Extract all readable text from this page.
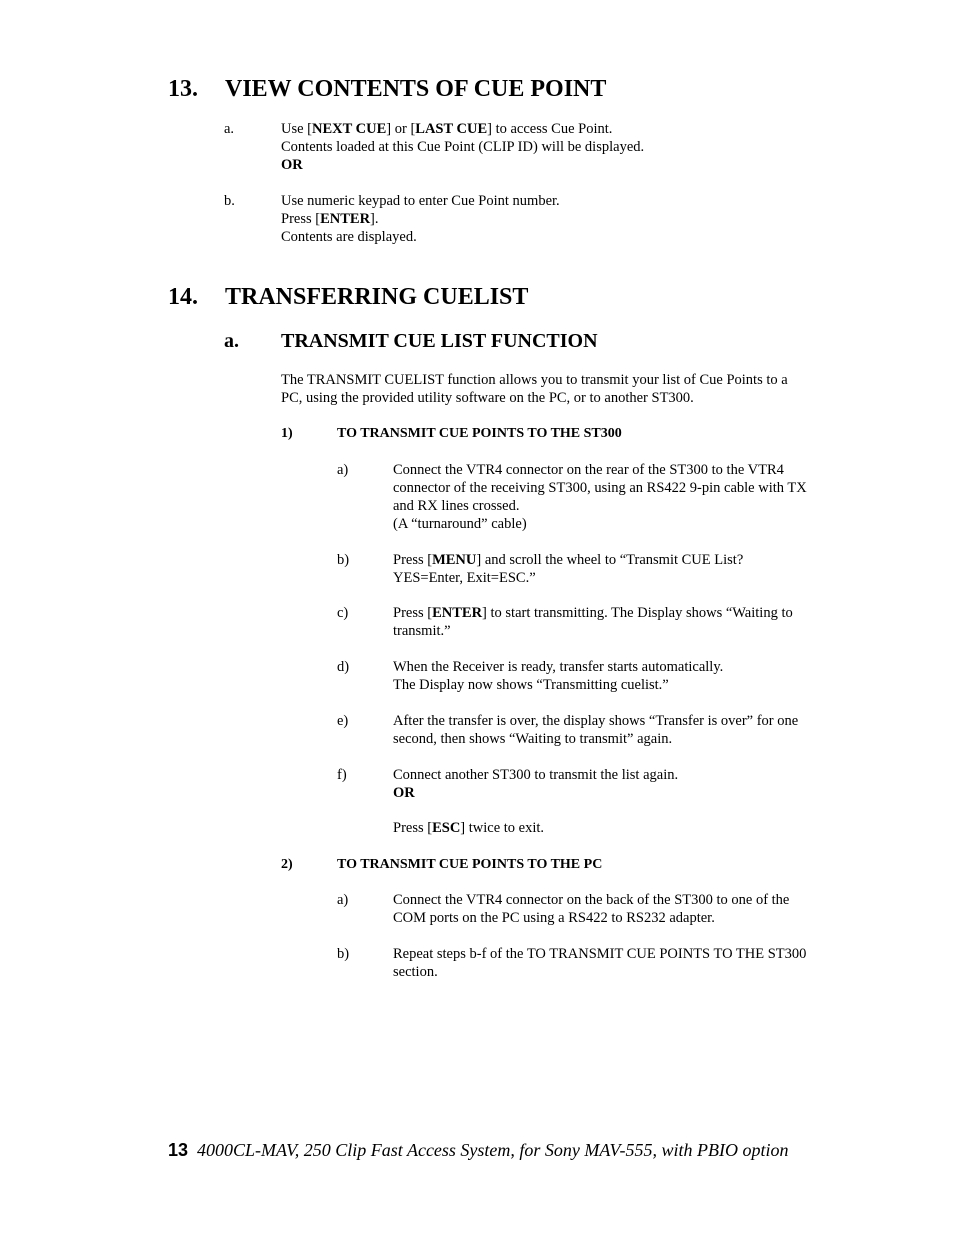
13. VIEW CONTENTS OF CUE POINT
a.	Use [NEXT CUE] or [LAST CUE] to access Cue Point.
Contents loaded at this Cue Point (CLIP ID) will be displayed.
OR
b.	Use numeric keypad to enter Cue Point number.
Press [ENTER].
Contents are displayed.
14. TRANSFERRING CUELIST
a. TRANSMIT CUE LIST FUNCTION
The TRANSMIT CUELIST function allows you to transmit your list of Cue Points to a
PC, using the provided utility software on the PC, or to another ST300.
1)	TO TRANSMIT CUE POINTS TO THE ST300
a)	Connect the VTR4 connector on the rear of the ST300 to the VTR4
connector of the receiving ST300, using an RS422 9-pin cable with TX
and RX lines crossed.
(A “turnaround” cable)
b)	Press [MENU] and scroll the wheel to “Transmit CUE List?
YES=Enter, Exit=ESC.”
c)	Press [ENTER] to start transmitting. The Display shows “Waiting to
transmit.”
d)	When the Receiver is ready, transfer starts automatically.
The Display now shows “Transmitting cuelist.”
e)	After the transfer is over, the display shows “Transfer is over” for one
second, then shows “Waiting to transmit” again.
f)	Connect another ST300 to transmit the list again.
OR
Press [ESC] twice to exit.
2)	TO TRANSMIT CUE POINTS TO THE PC
a)	Connect the VTR4 connector on the back of the ST300 to one of the
COM ports on the PC using a RS422 to RS232 adapter.
b)	Repeat steps b-f of the TO TRANSMIT CUE POINTS TO THE ST300
section.
13 4000CL-MAV, 250 Clip Fast Access System, for Sony MAV-555, with PBIO option
